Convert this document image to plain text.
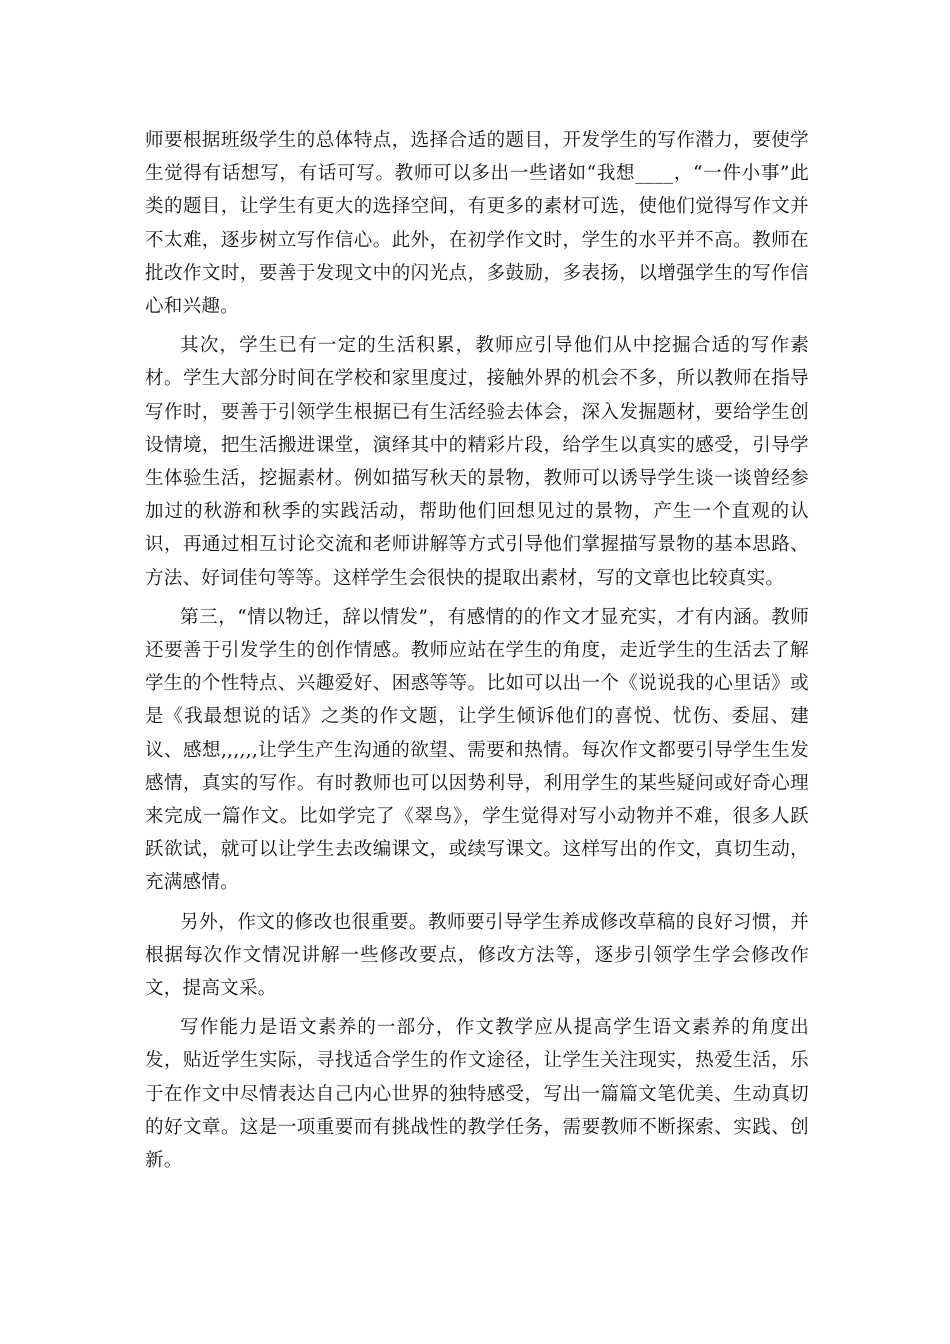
师要根据班级学生的总体特点，选择合适的题目，开发学生的写作潜力，要使学生觉得有话想写，有话可写。教师可以多出一些诸如“我想____，“一件小事”此类的题目，让学生有更大的选择空间，有更多的素材可选，使他们觉得写作文并不太难，逐步树立写作信心。此外，在初学作文时，学生的水平并不高。教师在批改作文时，要善于发现文中的闪光点，多鼓励，多表扬，以增强学生的写作信心和兴趣。

其次，学生已有一定的生活积累，教师应引导他们从中挖掘合适的写作素材。学生大部分时间在学校和家里度过，接触外界的机会不多，所以教师在指导写作时，要善于引领学生根据已有生活经验去体会，深入发掘题材，要给学生创设情境，把生活搬进课堂，演绎其中的精彩片段，给学生以真实的感受，引导学生体验生活，挖掘素材。例如描写秋天的景物，教师可以诱导学生谈一谈曾经参加过的秋游和秋季的实践活动，帮助他们回想见过的景物，产生一个直观的认识，再通过相互讨论交流和老师讲解等方式引导他们掌握描写景物的基本思路、方法、好词佳句等等。这样学生会很快的提取出素材，写的文章也比较真实。

第三，“情以物迁，辞以情发”，有感情的的作文才显充实，才有内涵。教师还要善于引发学生的创作情感。教师应站在学生的角度，走近学生的生活去了解学生的个性特点、兴趣爱好、困惑等等。比如可以出一个《说说我的心里话》或是《我最想说的话》之类的作文题，让学生倾诉他们的喜悦、忧伤、委屈、建议、感想,,,,,,让学生产生沟通的欲望、需要和热情。每次作文都要引导学生生发感情，真实的写作。有时教师也可以因势利导，利用学生的某些疑问或好奇心理来完成一篇作文。比如学完了《翠鸟》，学生觉得对写小动物并不难，很多人跃跃欲试，就可以让学生去改编课文，或续写课文。这样写出的作文，真切生动，充满感情。

另外，作文的修改也很重要。教师要引导学生养成修改草稿的良好习惯，并根据每次作文情况讲解一些修改要点，修改方法等，逐步引领学生学会修改作文，提高文采。

写作能力是语文素养的一部分，作文教学应从提高学生语文素养的角度出发，贴近学生实际，寻找适合学生的作文途径，让学生关注现实，热爱生活，乐于在作文中尽情表达自己内心世界的独特感受，写出一篇篇文笔优美、生动真切的好文章。这是一项重要而有挑战性的教学任务，需要教师不断探索、实践、创新。
